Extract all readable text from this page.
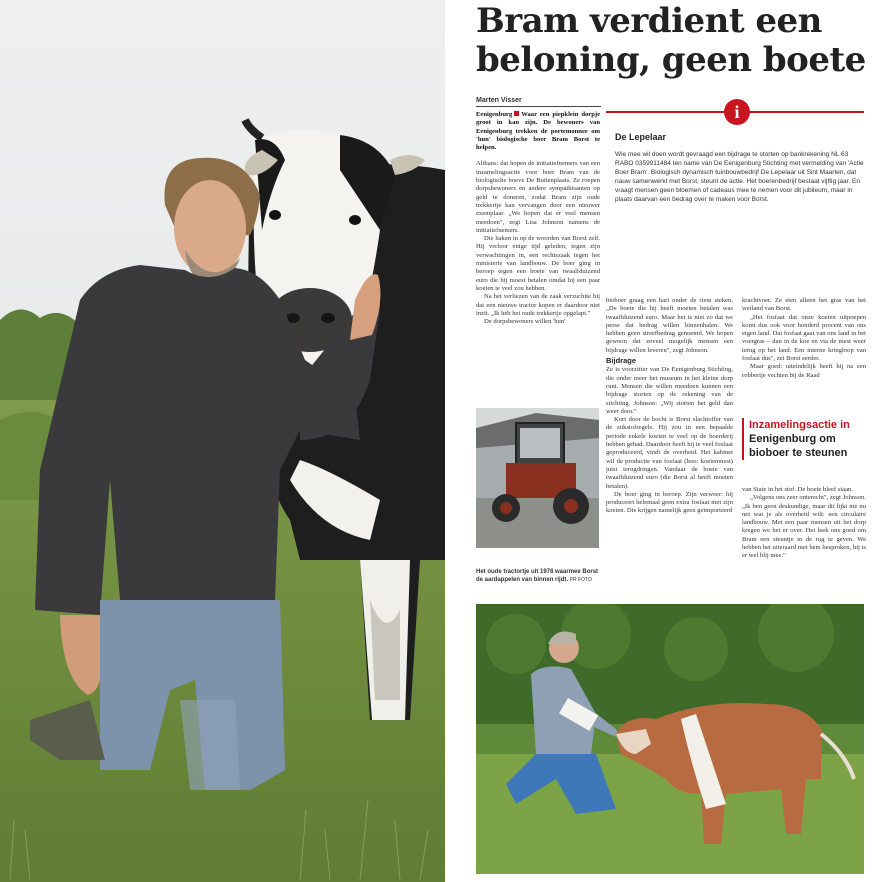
Bram verdient een beloning, geen boete
Marten Visser
i

Eenigenburg Waar een piepklein dorpje groot in kan zijn. De bewoners van Eenigenburg trekken de portemonnee om 'hun' biologische boer Bram Borst te helpen.

Althans: dat hopen de initiatiefnemers van een inzamelingsactie voor boer Bram van de biologische boeve De Buitenplaats. Ze roepen dorpsbewoners en andere sympathisanten op geld te doneren, zodat Bram zijn oude trekkertje kan vervangen door een nieuwer exemplaar. „We hopen dat er veel mensen meedoen", zegt Lisa Johnson namens de initiatiefnemers.

Die haken in op de woorden van Borst zelf. Hij verloor enige tijd geleden, tegen zijn verwachtingen in, een rechtszaak tegen het ministerie van landbouw. De boer ging in beroep tegen een boete van twaalfduizend euro die hij moest betalen omdat hij een paar koeien te veel zou hebben.

Na het verliezen van de zaak verzuchtte hij dat een nieuwe tractor kopen er daardoor niet inzit. „Ik heb het oude trekkertje opgelapt."

De dorpsbewoners willen 'hun'

De Lepelaar
Wie mee wil doen wordt gevraagd een bijdrage te storten op bankrekening NL 63 RABO 0359911484 ten name van De Eenigenburg Stichting met vermelding van 'Actie Boer Bram'. Biologisch dynamisch tuinbouwbedrijf De Lepelaar uit Sint Maarten, dat nauw samenwerkt met Borst, steunt de actie. Het boerenbedrijf bestaat vijftig jaar. En vraagt mensen geen bloemen of cadeaus mee te nemen voor dit jubileum, maar in plaats daarvan een bedrag over te maken voor Borst.
Het oude tractortje uit 1978 waarmee Borst de aardappelen van binnen rijdt. PR FOTO

bioboer graag een hart onder de riem steken. „De boete die hij heeft moeten betalen was twaalfduizend euro. Maar het is niet zo dat we perse dat bedrag willen binnenhalen. We hebben geen streefbedrag genoemd. We hopen gewoon dat zoveel mogelijk mensen een bijdrage willen leveren", zegt Johnson.

Bijdrage

Ze is voorzitter van De Eenigenburg Stichting, die onder meer het museum in het kleine dorp runt. Mensen die willen meedoen kunnen een bijdrage storten op de rekening van de stichting. Johnson: „Wij storten het geld dan weer door."

Kort door de bocht is Borst slachtoffer van de stikstofregels. Hij zou in een bepaalde periode enkele koeien te veel op de boerderij hebben gehad. Daardoor heeft hij te veel fosfaat geproduceerd, vindt de overheid. Het kabinet wil de productie van fosfaat (lees: koeienmest) juist terugdringen. Vandaar de boete van twaalfduizend euro (die Borst al heeft moeten betalen).

De boer ging in beroep. Zijn verweer: hij produceert helemaal geen extra fosfaat met zijn koeien. Die krijgen namelijk geen geïmporteerd

krachtvoer. Ze eten alleen het gras van het weiland van Borst.

„Het fosfaat dat onze koeien uitpoepen komt dus ook voor honderd procent van ons eigen land. Dat fosfaat gaat van ons land in het voergras – dan in de koe en via de mest weer terug op het land. Een interne kringloop van fosfaat dus", zei Borst eerder.

Maar goed: uiteindelijk heeft hij na een robbertje vechten bij de Raad

Inzamelingsactie in Eenigenburg om bioboer te steunen

van State in het stof. De boete bleef staan.

„Volgens ons zeer onterecht", zegt Johnson. „Ik ben geen deskundige, maar dit lijkt me nu net wat je als overheid wilt: een circulaire landbouw. Met een paar mensen uit het dorp kregen we het er over. Het leek ons goed om Bram een steuntje in de rug te geven. We hebben het uiteraard met hem besproken, hij is er wel blij mee."
